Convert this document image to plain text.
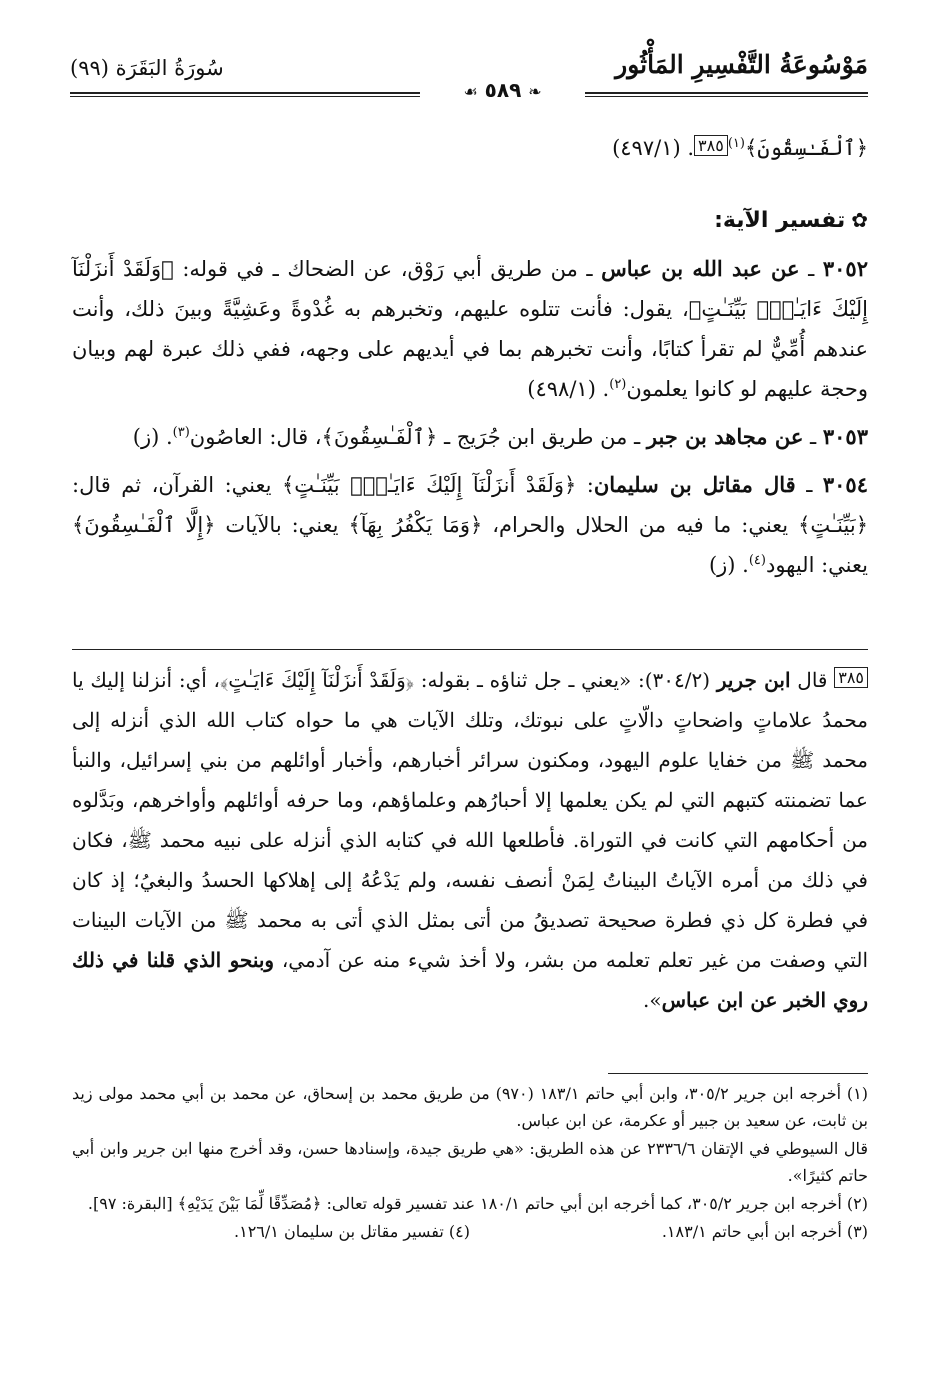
سُورَةُ البَقَرَة (٩٩)	مَوْسُوعَةُ التَّفْسِيرِ المَأْثُور
❧ ٥٨٩ ☙

﴿ٱلْفَـٰسِقُونَ﴾$^{(١)}$٣٨٥. (٤٩٧/١)

✿تفسير الآية:

٣٠٥٢ ـ عن عبد الله بن عباس ـ من طريق أبي رَوْق، عن الضحاك ـ في قوله: ﴿وَلَقَدْ أَنزَلْنَآ إِلَيْكَ ءَايَـٰتٍۭ بَيِّنَـٰتٍ﴾، يقول: فأنت تتلوه عليهم، وتخبرهم به غُدْوةً وعَشِيَّةً وبينَ ذلك، وأنت عندهم أُمِّيٌّ لم تقرأ كتابًا، وأنت تخبرهم بما في أيديهم على وجهه، ففي ذلك عبرة لهم وبيان وحجة عليهم لو كانوا يعلمون$^{(٢)}$. (٤٩٨/١)

٣٠٥٣ ـ عن مجاهد بن جبر ـ من طريق ابن جُرَيج ـ ﴿ٱلْفَـٰسِقُونَ﴾، قال: العاصُون$^{(٣)}$. (ز)

٣٠٥٤ ـ قال مقاتل بن سليمان: ﴿وَلَقَدْ أَنزَلْنَآ إِلَيْكَ ءَايَـٰتٍۭ بَيِّنَـٰتٍ﴾ يعني: القرآن، ثم قال: ﴿بَيِّنَـٰتٍ﴾ يعني: ما فيه من الحلال والحرام، ﴿وَمَا يَكْفُرُ بِهَآ﴾ يعني: بالآيات ﴿إِلَّا ٱلْفَـٰسِقُونَ﴾ يعني: اليهود$^{(٤)}$. (ز)

$^{٣٨٥}$ قال ابن جرير (٣٠٤/٢): «يعني ـ جل ثناؤه ـ بقوله: ﴿وَلَقَدْ أَنزَلْنَآ إِلَيْكَ ءَايَـٰتٍ﴾، أي: أنزلنا إليك يا محمدُ علاماتٍ واضحاتٍ دالّاتٍ على نبوتك، وتلك الآيات هي ما حواه كتاب الله الذي أنزله إلى محمد ﷺ من خفايا علوم اليهود، ومكنون سرائر أخبارهم، وأخبار أوائلهم من بني إسرائيل، والنبأ عما تضمنته كتبهم التي لم يكن يعلمها إلا أحبارُهم وعلماؤهم، وما حرفه أوائلهم وأواخرهم، وبَدَّلوه من أحكامهم التي كانت في التوراة. فأطلعها الله في كتابه الذي أنزله على نبيه محمد ﷺ، فكان في ذلك من أمره الآياتُ البيناتُ لِمَنْ أنصف نفسه، ولم يَدْعُهُ إلى إهلاكها الحسدُ والبغيُ؛ إذ كان في فطرة كل ذي فطرة صحيحة تصديقُ من أتى بمثل الذي أتى به محمد ﷺ من الآيات البينات التي وصفت من غير تعلم تعلمه من بشر، ولا أخذ شيء منه عن آدمي، وبنحو الذي قلنا في ذلك روي الخبر عن ابن عباس».

(١) أخرجه ابن جرير ٣٠٥/٢، وابن أبي حاتم ١٨٣/١ (٩٧٠) من طريق محمد بن إسحاق، عن محمد بن أبي محمد مولى زيد بن ثابت، عن سعيد بن جبير أو عكرمة، عن ابن عباس.

قال السيوطي في الإتقان ٢٣٣٦/٦ عن هذه الطريق: «هي طريق جيدة، وإسنادها حسن، وقد أخرج منها ابن جرير وابن أبي حاتم كثيرًا».

(٢) أخرجه ابن جرير ٣٠٥/٢، كما أخرجه ابن أبي حاتم ١٨٠/١ عند تفسير قوله تعالى: ﴿مُصَدِّقًا لِّمَا بَيْنَ يَدَيْهِ﴾ [البقرة: ٩٧].

(٣) أخرجه ابن أبي حاتم ١٨٣/١.
(٤) تفسير مقاتل بن سليمان ١٢٦/١.
